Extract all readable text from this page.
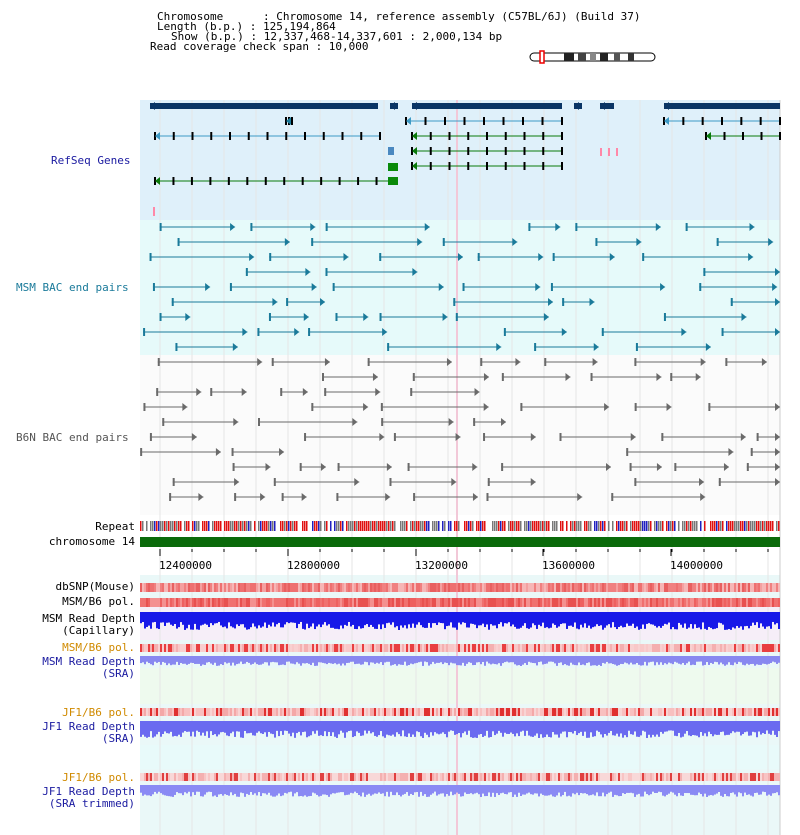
Chromosome      : Chromosome 14, reference assembly (C57BL/6J) (Build 37)
Length (b.p.) : 125,194,864
Show (b.p.) : 12,337,468-14,337,601 : 2,000,134 bp
Read coverage check span : 10,000
RefSeq Genes
MSM BAC end pairs
B6N BAC end pairs
Repeat
chromosome 14
dbSNP(Mouse)
MSM/B6 pol.
MSM Read Depth
(Capillary)
MSM/B6 pol.
MSM Read Depth
(SRA)
JF1/B6 pol.
JF1 Read Depth
(SRA)
JF1/B6 pol.
JF1 Read Depth
(SRA trimmed)
12400000	12800000	13200000	13600000	14000000
